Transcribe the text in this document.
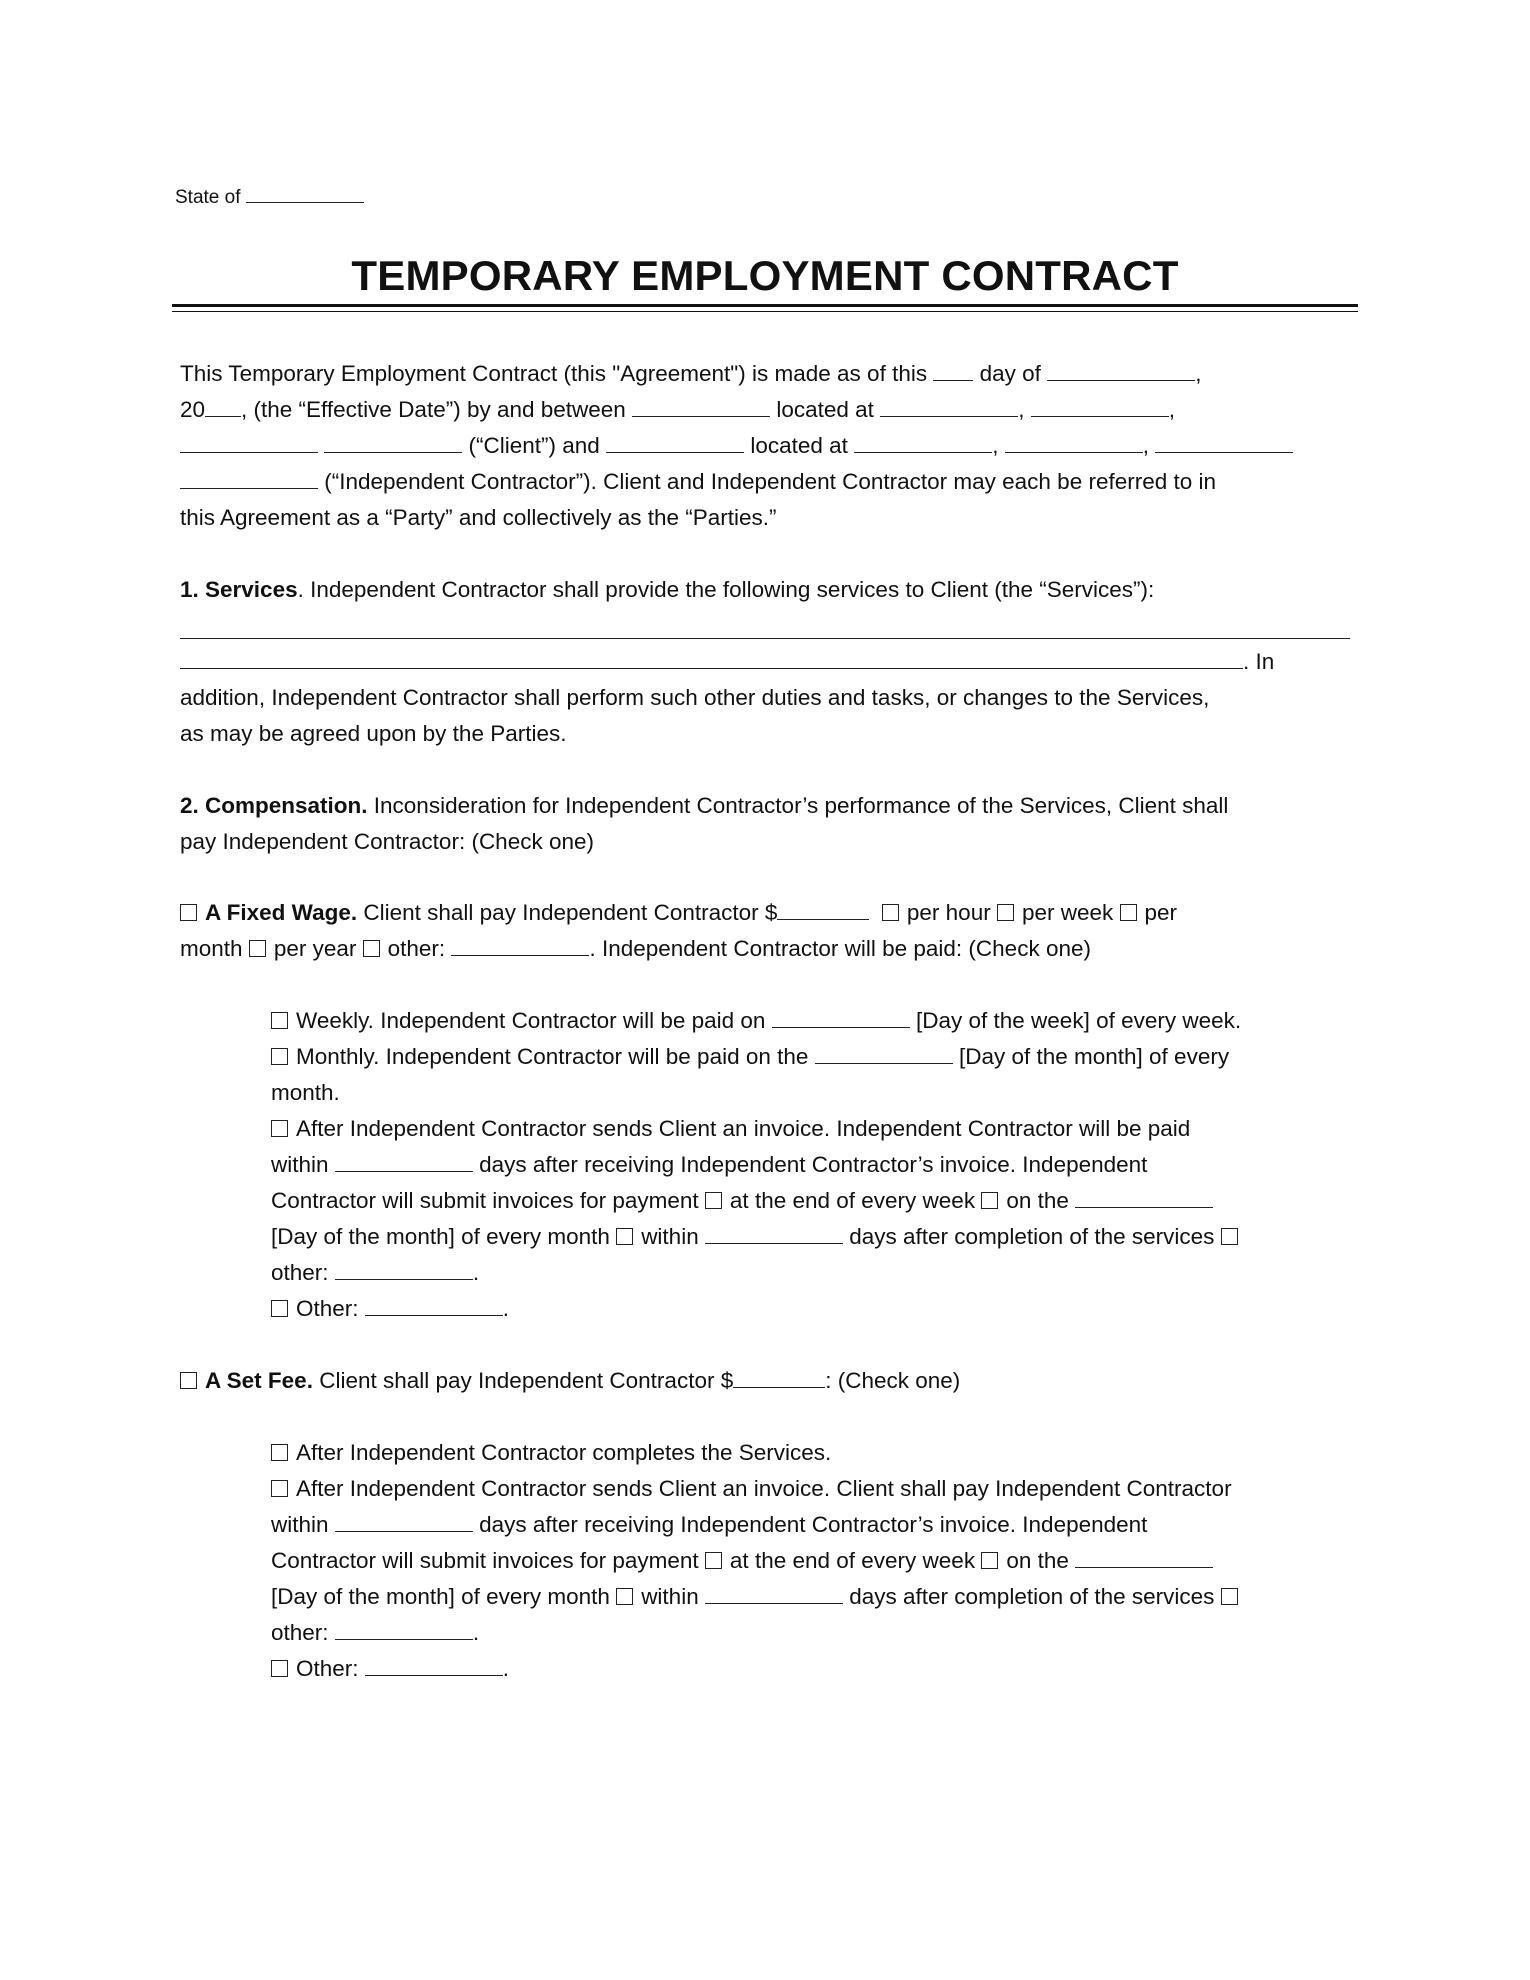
State of
TEMPORARY EMPLOYMENT CONTRACT
This Temporary Employment Contract (this "Agreement") is made as of this day of	,
20 , (the “Effective Date”) by and between	located at	,	,
(“Client”) and	located at	,	,
(“Independent Contractor”). Client and Independent Contractor may each be referred to in
this Agreement as a “Party” and collectively as the “Parties.”
1. Services. Independent Contractor shall provide the following services to Client (the “Services”):
. In
addition, Independent Contractor shall perform such other duties and tasks, or changes to the Services,
as may be agreed upon by the Parties.
2. Compensation. Inconsideration for Independent Contractor’s performance of the Services, Client shall
pay Independent Contractor: (Check one)
A Fixed Wage. Client shall pay Independent Contractor $	per hour per week per
month per year other:	. Independent Contractor will be paid: (Check one)
Weekly. Independent Contractor will be paid on	[Day of the week] of every week.
Monthly. Independent Contractor will be paid on the	[Day of the month] of every
month.
After Independent Contractor sends Client an invoice. Independent Contractor will be paid
within	days after receiving Independent Contractor’s invoice. Independent
Contractor will submit invoices for payment at the end of every week on the
[Day of the month] of every month within	days after completion of the services
other:	.
Other:	.
A Set Fee. Client shall pay Independent Contractor $	: (Check one)
After Independent Contractor completes the Services.
After Independent Contractor sends Client an invoice. Client shall pay Independent Contractor
within	days after receiving Independent Contractor’s invoice. Independent
Contractor will submit invoices for payment at the end of every week on the
[Day of the month] of every month within	days after completion of the services
other:	.
Other:	.
